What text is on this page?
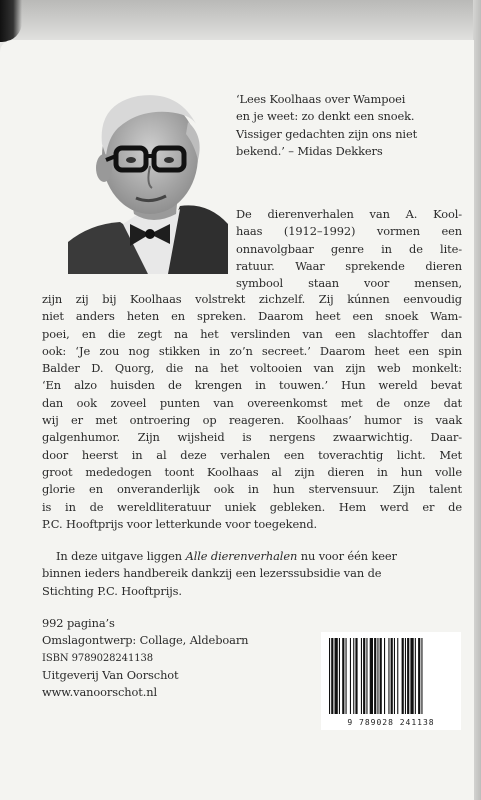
‘Lees Koolhaas over Wampoei
en je weet: zo denkt een snoek.
Vissiger gedachten zijn ons niet
bekend.’ – Midas Dekkers
De dierenverhalen van A. Kool-
haas (1912–1992) vormen een
onnavolgbaar genre in de lite-
ratuur. Waar sprekende dieren
symbool staan voor mensen,
zijn zij bij Koolhaas volstrekt zichzelf. Zij kúnnen eenvoudig
niet anders heten en spreken. Daarom heet een snoek Wam-
poei, en die zegt na het verslinden van een slachtoffer dan
ook: ‘Je zou nog stikken in zo’n secreet.’ Daarom heet een spin
Balder D. Quorg, die na het voltooien van zijn web monkelt:
‘En alzo huisden de krengen in touwen.’ Hun wereld bevat
dan ook zoveel punten van overeenkomst met de onze dat
wij er met ontroering op reageren. Koolhaas’ humor is vaak
galgenhumor. Zijn wijsheid is nergens zwaarwichtig. Daar-
door heerst in al deze verhalen een toverachtig licht. Met
groot mededogen toont Koolhaas al zijn dieren in hun volle
glorie en onveranderlijk ook in hun stervensuur. Zijn talent
is in de wereldliteratuur uniek gebleken. Hem werd er de
P.C. Hooftprijs voor letterkunde voor toegekend.
In deze uitgave liggen Alle dierenverhalen nu voor één keer
binnen ieders handbereik dankzij een lezerssubsidie van de
Stichting P.C. Hooftprijs.
992 pagina’s
Omslagontwerp: Collage, Aldeboarn
ISBN 9789028241138
Uitgeverij Van Oorschot
www.vanoorschot.nl
9 789028 241138
